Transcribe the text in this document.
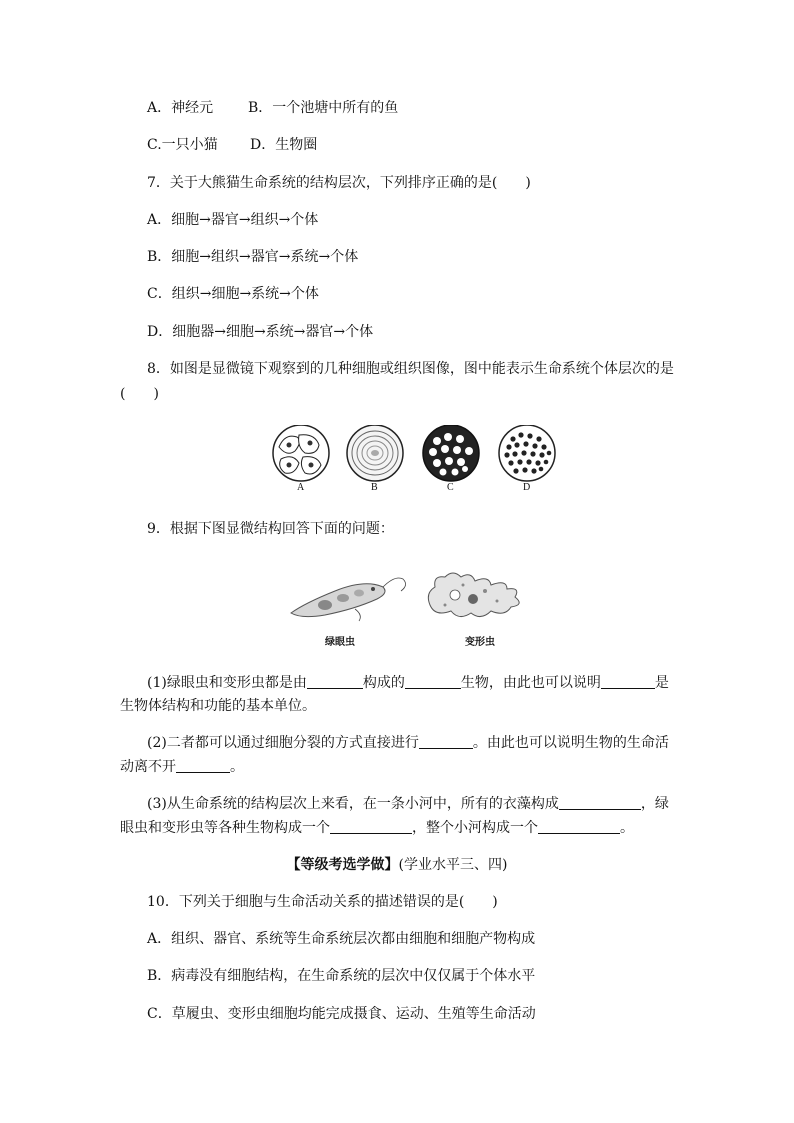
A．神经元 B．一个池塘中所有的鱼
C.一只小猫 D．生物圈
7．关于大熊猫生命系统的结构层次，下列排序正确的是(　　)
A．细胞→器官→组织→个体
B．细胞→组织→器官→系统→个体
C．组织→细胞→系统→个体
D．细胞器→细胞→系统→器官→个体
8．如图是显微镜下观察到的几种细胞或组织图像，图中能表示生命系统个体层次的是
(　　)
A	B	C	D
9．根据下图显微结构回答下面的问题：
绿眼虫	变形虫
(1)绿眼虫和变形虫都是由	构成的	生物，由此也可以说明	是
生物体结构和功能的基本单位。
(2)二者都可以通过细胞分裂的方式直接进行	。由此也可以说明生物的生命活
动离不开	。
(3)从生命系统的结构层次上来看，在一条小河中，所有的衣藻构成	，绿
眼虫和变形虫等各种生物构成一个	，整个小河构成一个	。
【等级考选学做】(学业水平三、四)
10．下列关于细胞与生命活动关系的描述错误的是(　　)
A．组织、器官、系统等生命系统层次都由细胞和细胞产物构成
B．病毒没有细胞结构，在生命系统的层次中仅仅属于个体水平
C．草履虫、变形虫细胞均能完成摄食、运动、生殖等生命活动
